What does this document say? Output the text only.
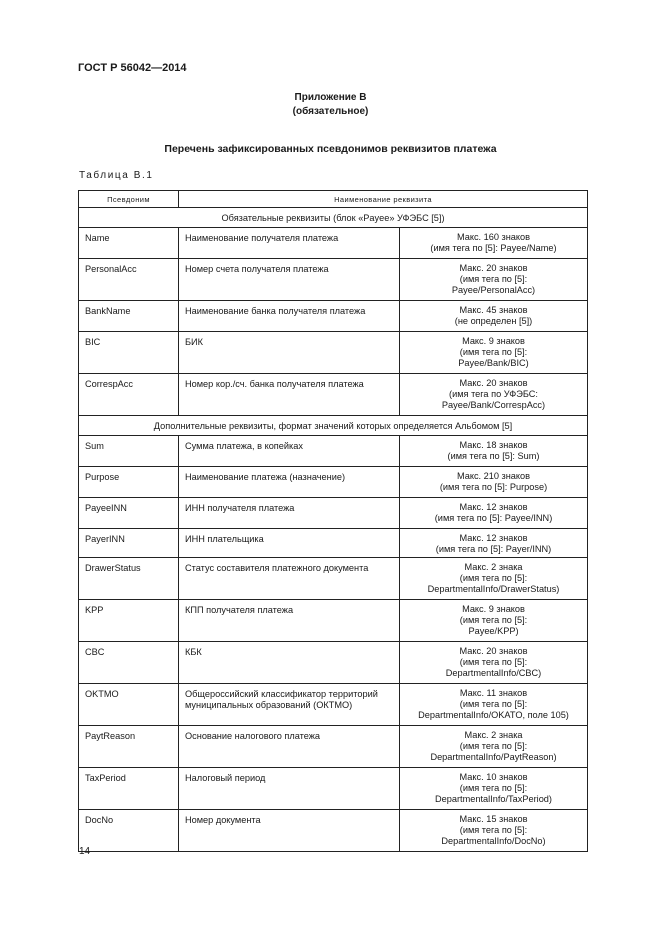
ГОСТ Р 56042—2014
Приложение В
(обязательное)
Перечень зафиксированных псевдонимов реквизитов платежа
Таблица В.1
Псевдоним	Наименование реквизита	
Обязательные реквизиты (блок «Payee» УФЭБС [5])		
Name	Наименование получателя платежа	Макс. 160 знаков
(имя тега по [5]: Payee/Name)

PersonalAcc	Номер счета получателя платежа	Макс. 20 знаков
(имя тега по [5]:
Payee/PersonalAcc)

BankName	Наименование банка получателя платежа	Макс. 45 знаков
(не определен [5])

BIC	БИК	Макс. 9 знаков
(имя тега по [5]:
Payee/Bank/BIC)

CorrespAcc	Номер кор./сч. банка получателя платежа	Макс. 20 знаков
(имя тега по УФЭБС:
Payee/Bank/CorrespAcc)

Дополнительные реквизиты, формат значений которых определяется Альбомом [5]		
Sum	Сумма платежа, в копейках	Макс. 18 знаков
(имя тега по [5]: Sum)

Purpose	Наименование платежа (назначение)	Макс. 210 знаков
(имя тега по [5]: Purpose)

PayeeINN	ИНН получателя платежа	Макс. 12 знаков
(имя тега по [5]: Payee/INN)

PayerINN	ИНН плательщика	Макс. 12 знаков
(имя тега по [5]: Payer/INN)

DrawerStatus	Статус составителя платежного документа	Макс. 2 знака
(имя тега по [5]:
DepartmentalInfo/DrawerStatus)

KPP	КПП получателя платежа	Макс. 9 знаков
(имя тега по [5]:
Payee/KPP)

CBC	КБК	Макс. 20 знаков
(имя тега по [5]:
DepartmentalInfo/CBC)

OKTMO	Общероссийский классификатор территорий
муниципальных образований (ОКТМО)	Макс. 11 знаков
(имя тега по [5]:
DepartmentalInfo/OKATO, поле 105)

PaytReason	Основание налогового платежа	Макс. 2 знака
(имя тега по [5]:
DepartmentalInfo/PaytReason)

TaxPeriod	Налоговый период	Макс. 10 знаков
(имя тега по [5]:
DepartmentalInfo/TaxPeriod)

DocNo	Номер документа	Макс. 15 знаков
(имя тега по [5]:
DepartmentalInfo/DocNo)
14
